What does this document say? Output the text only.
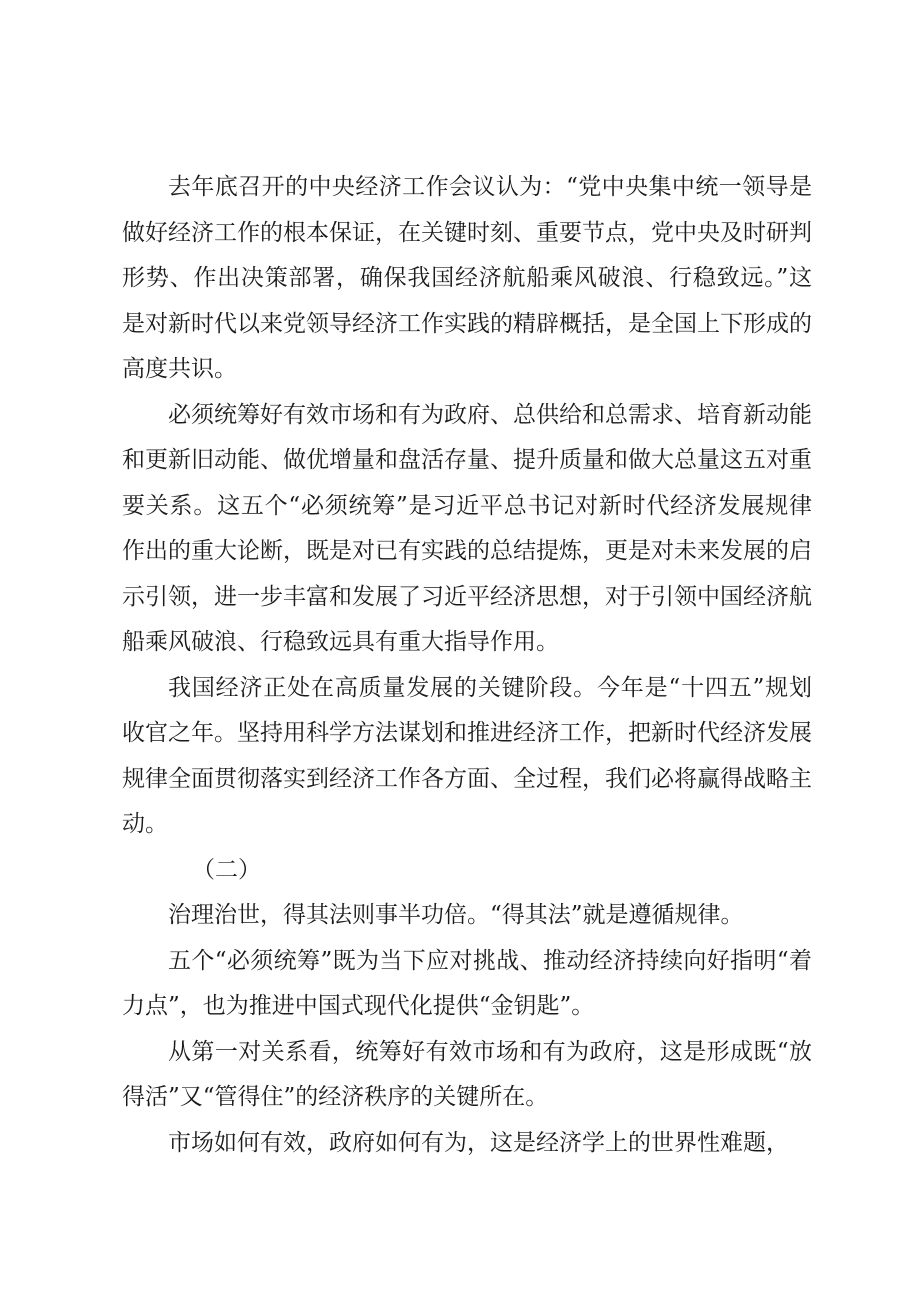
去年底召开的中央经济工作会议认为：“党中央集中统一领导是做好经济工作的根本保证，在关键时刻、重要节点，党中央及时研判形势、作出决策部署，确保我国经济航船乘风破浪、行稳致远。”这是对新时代以来党领导经济工作实践的精辟概括，是全国上下形成的高度共识。

必须统筹好有效市场和有为政府、总供给和总需求、培育新动能和更新旧动能、做优增量和盘活存量、提升质量和做大总量这五对重要关系。这五个“必须统筹”是习近平总书记对新时代经济发展规律作出的重大论断，既是对已有实践的总结提炼，更是对未来发展的启示引领，进一步丰富和发展了习近平经济思想，对于引领中国经济航船乘风破浪、行稳致远具有重大指导作用。

我国经济正处在高质量发展的关键阶段。今年是“十四五”规划收官之年。坚持用科学方法谋划和推进经济工作，把新时代经济发展规律全面贯彻落实到经济工作各方面、全过程，我们必将赢得战略主动。

（二）

治理治世，得其法则事半功倍。“得其法”就是遵循规律。

五个“必须统筹”既为当下应对挑战、推动经济持续向好指明“着力点”，也为推进中国式现代化提供“金钥匙”。

从第一对关系看，统筹好有效市场和有为政府，这是形成既“放得活”又“管得住”的经济秩序的关键所在。

市场如何有效，政府如何有为，这是经济学上的世界性难题，
